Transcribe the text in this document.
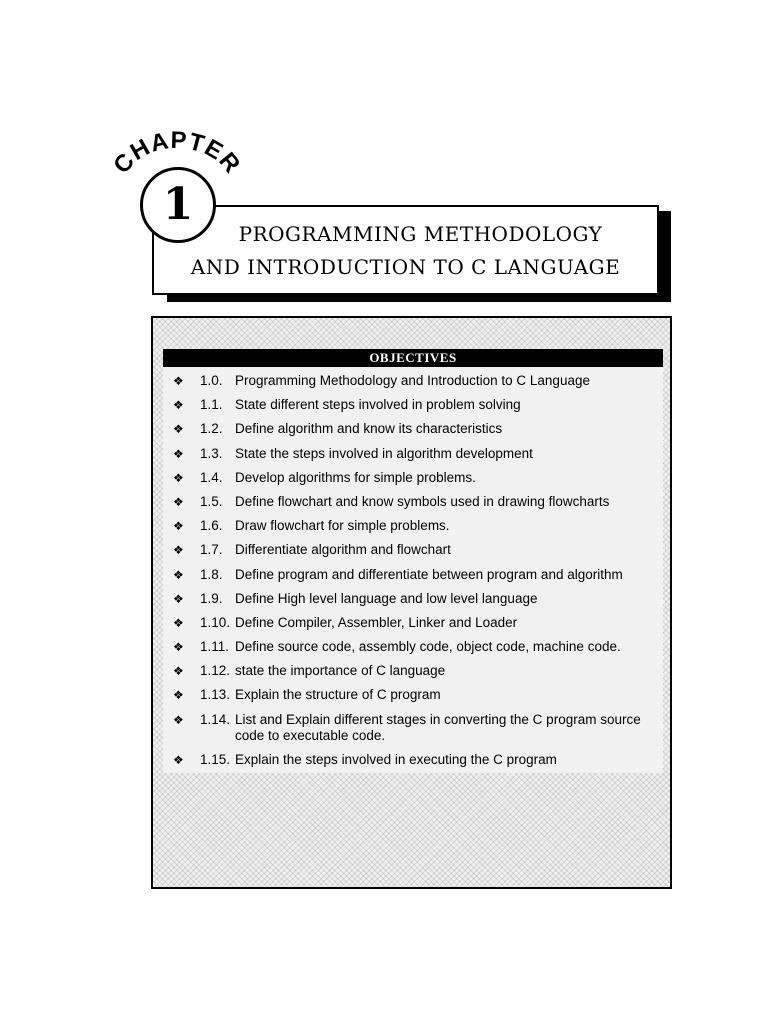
CHAPTER
1
PROGRAMMING METHODOLOGY
AND INTRODUCTION TO C LANGUAGE
OBJECTIVES
❖ 1.0. Programming Methodology and Introduction to C Language
❖ 1.1. State different steps involved in problem solving
❖ 1.2. Define algorithm and know its characteristics
❖ 1.3. State the steps involved in algorithm development
❖ 1.4. Develop algorithms for simple problems.
❖ 1.5. Define flowchart and know symbols used in drawing flowcharts
❖ 1.6. Draw flowchart for simple problems.
❖ 1.7. Differentiate algorithm and flowchart
❖ 1.8. Define program and differentiate between program and algorithm
❖ 1.9. Define High level language and low level language
❖ 1.10. Define Compiler, Assembler, Linker and Loader
❖ 1.11. Define source code, assembly code, object code, machine code.
❖ 1.12. state the importance of C language
❖ 1.13. Explain the structure of C program
❖ 1.14. List and Explain different stages in converting the C program source code to executable code.
❖ 1.15. Explain the steps involved in executing the C program
